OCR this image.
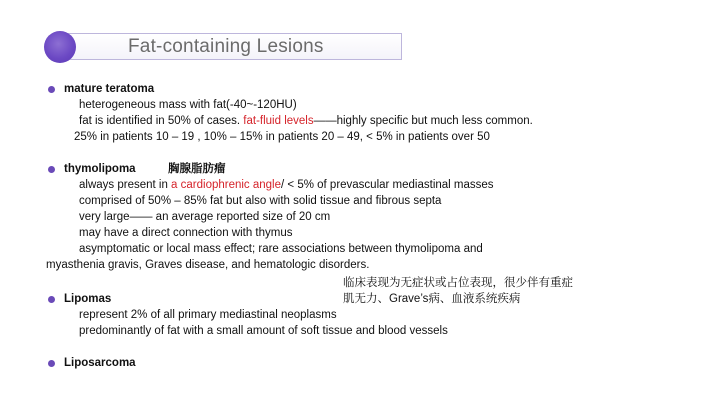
Fat-containing Lesions
mature teratoma
heterogeneous mass with fat(-40~-120HU)
fat is identified in 50% of cases. fat-fluid levels——highly specific but much less common.
25% in patients 10 – 19 , 10% – 15% in patients 20 – 49, < 5% in patients over 50
thymolipoma	胸腺脂肪瘤
always present in a cardiophrenic angle/ < 5% of prevascular mediastinal masses
comprised of 50% – 85% fat but also with solid tissue and fibrous septa
very large—— an average reported size of 20 cm
may have a direct connection with thymus
asymptomatic or local mass effect; rare associations between thymolipoma and
myasthenia gravis, Graves disease, and hematologic disorders.
临床表现为无症状或占位表现，很少伴有重症
肌无力、Grave’s病、血液系统疾病
Lipomas
represent 2% of all primary mediastinal neoplasms
predominantly of fat with a small amount of soft tissue and blood vessels
Liposarcoma
